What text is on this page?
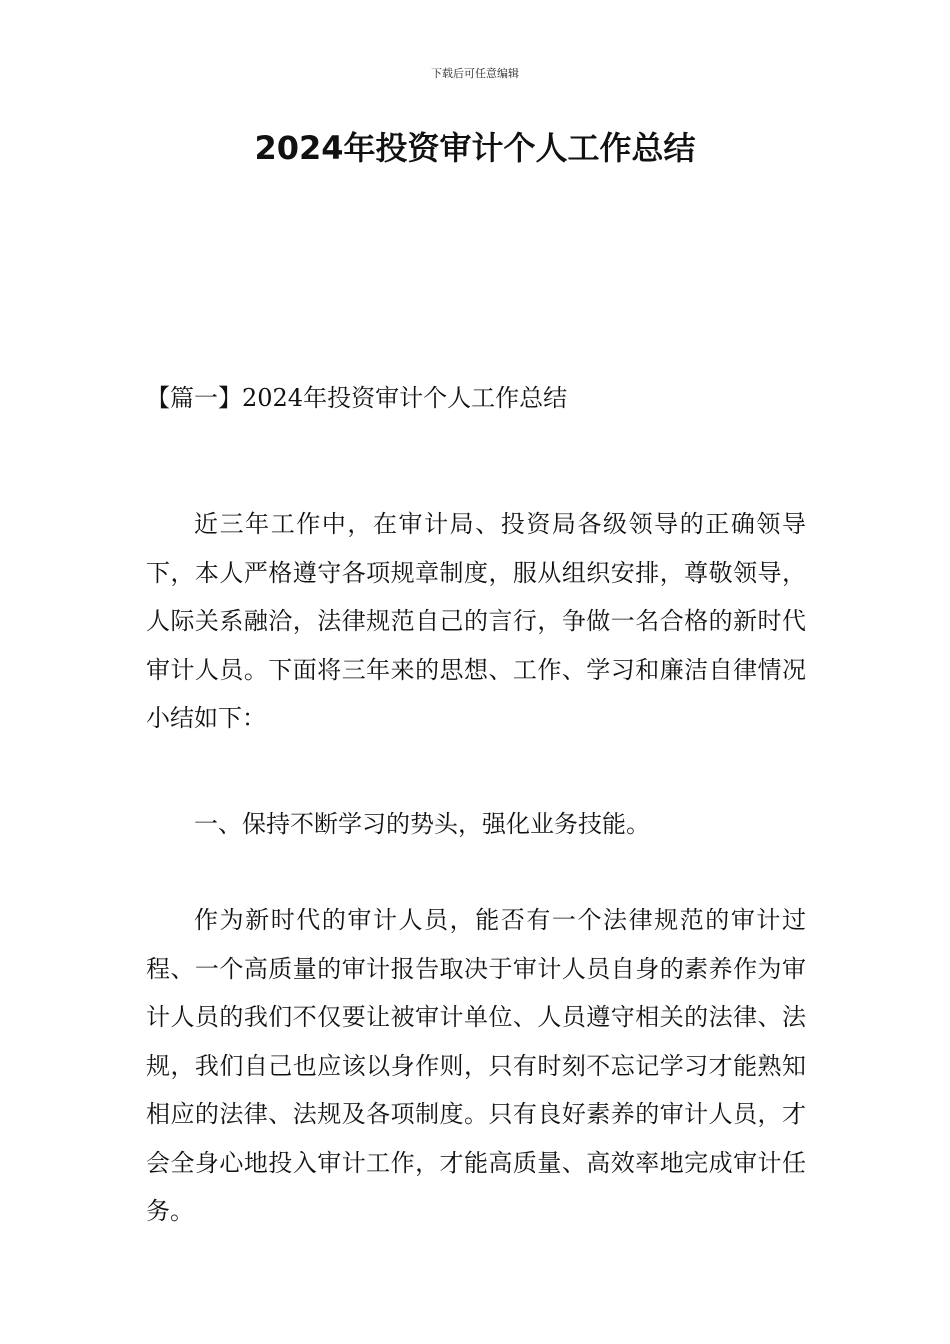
下载后可任意编辑
2024年投资审计个人工作总结
【篇一】2024年投资审计个人工作总结

近三年工作中，在审计局、投资局各级领导的正确领导下，本人严格遵守各项规章制度，服从组织安排，尊敬领导，人际关系融洽，法律规范自己的言行，争做一名合格的新时代审计人员。下面将三年来的思想、工作、学习和廉洁自律情况小结如下：

一、保持不断学习的势头，强化业务技能。

作为新时代的审计人员，能否有一个法律规范的审计过程、一个高质量的审计报告取决于审计人员自身的素养作为审计人员的我们不仅要让被审计单位、人员遵守相关的法律、法规，我们自己也应该以身作则，只有时刻不忘记学习才能熟知相应的法律、法规及各项制度。只有良好素养的审计人员，才会全身心地投入审计工作，才能高质量、高效率地完成审计任务。
